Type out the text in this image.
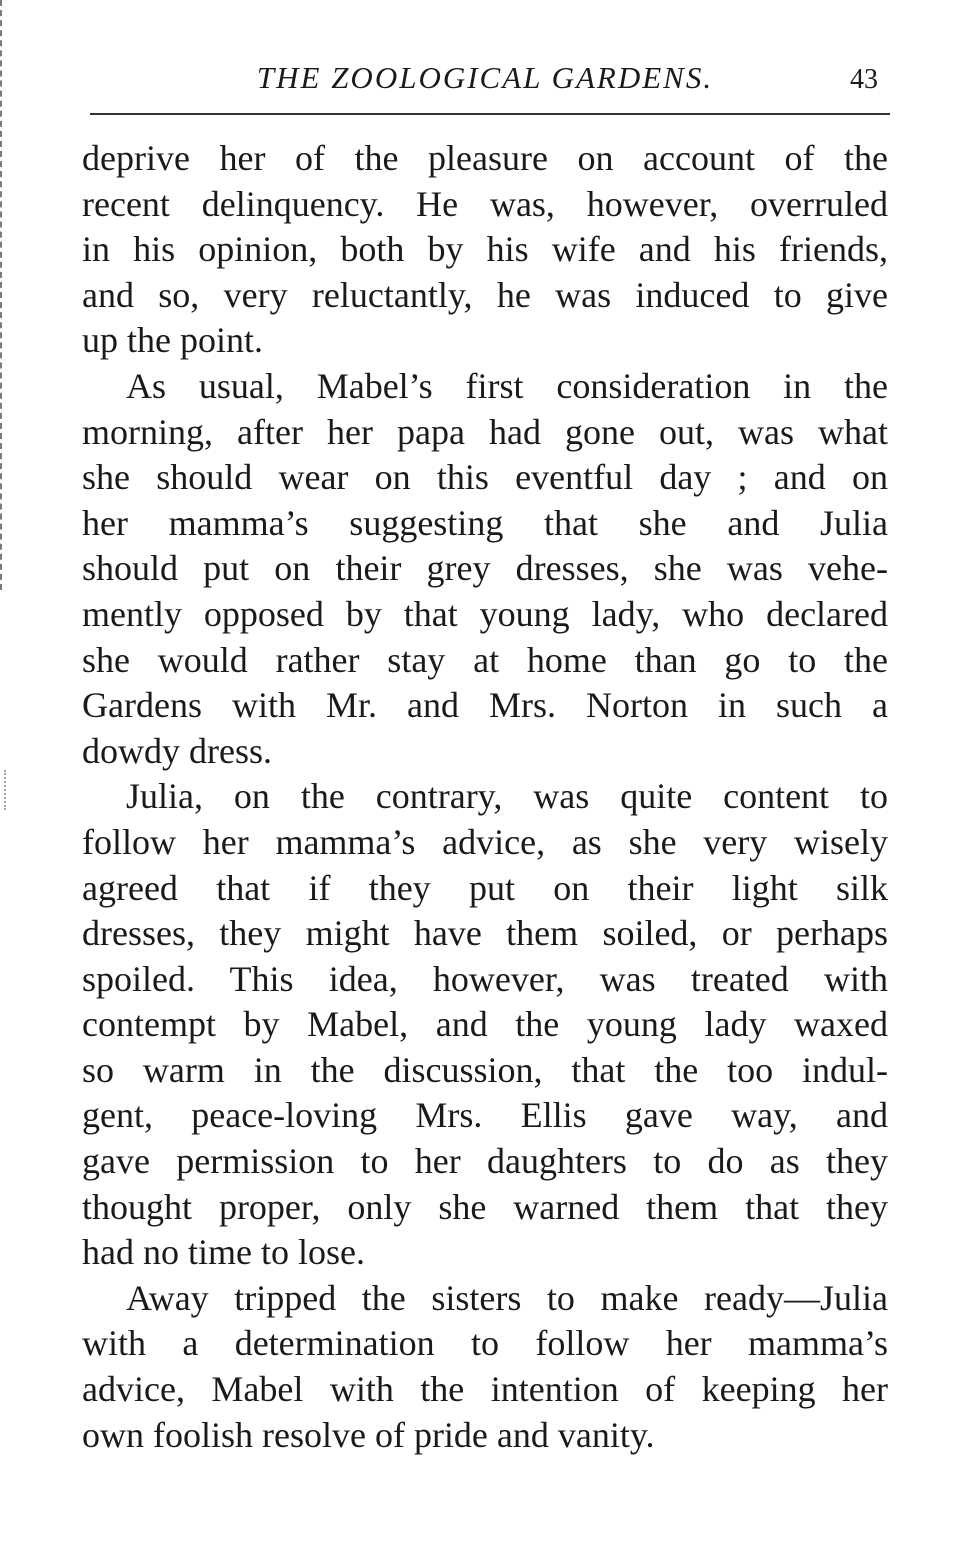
THE ZOOLOGICAL GARDENS.	43
deprive her of the pleasure on account of the
recent delinquency. He was, however, overruled
in his opinion, both by his wife and his friends,
and so, very reluctantly, he was induced to give
up the point.
As usual, Mabel’s first consideration in the
morning, after her papa had gone out, was what
she should wear on this eventful day ; and on
her mamma’s suggesting that she and Julia
should put on their grey dresses, she was vehe-
mently opposed by that young lady, who declared
she would rather stay at home than go to the
Gardens with Mr. and Mrs. Norton in such a
dowdy dress.
Julia, on the contrary, was quite content to
follow her mamma’s advice, as she very wisely
agreed that if they put on their light silk
dresses, they might have them soiled, or perhaps
spoiled. This idea, however, was treated with
contempt by Mabel, and the young lady waxed
so warm in the discussion, that the too indul-
gent, peace-loving Mrs. Ellis gave way, and
gave permission to her daughters to do as they
thought proper, only she warned them that they
had no time to lose.
Away tripped the sisters to make ready—Julia
with a determination to follow her mamma’s
advice, Mabel with the intention of keeping her
own foolish resolve of pride and vanity.
